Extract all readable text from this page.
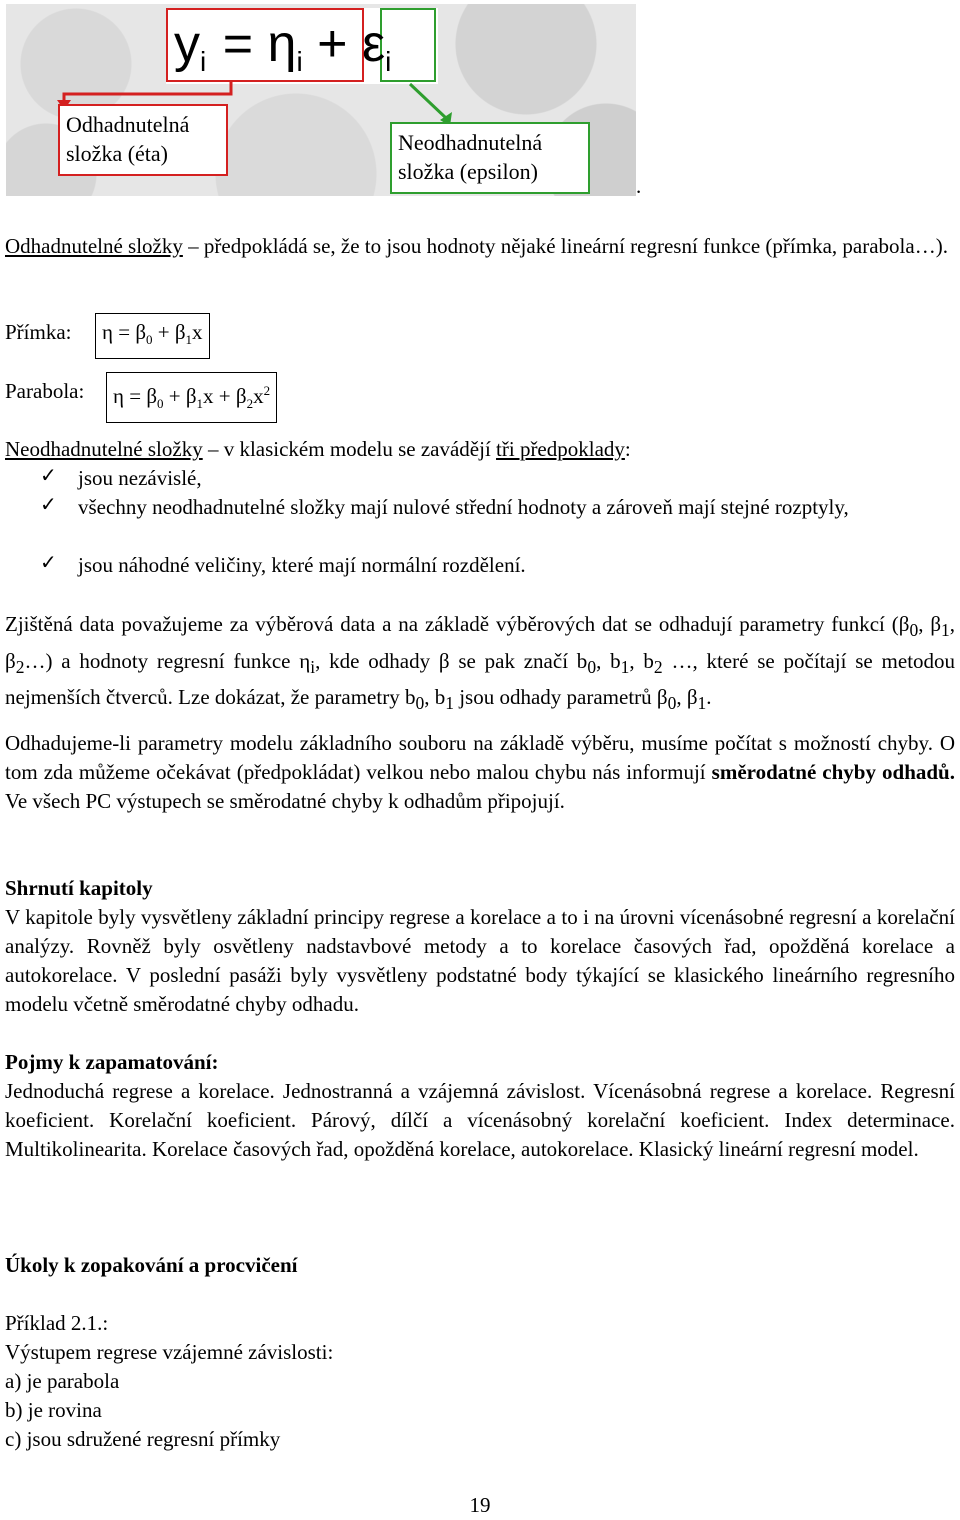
$y_i = \eta_i + \varepsilon_i$
Odhadnutelná
složka (éta)	Neodhadnutelná
složka (epsilon)
.
Odhadnutelné složky – předpokládá se, že to jsou hodnoty nějaké lineární regresní funkce (přímka, parabola…).
Přímka:	$\eta = \beta_0 + \beta_1x$
Parabola:	$\eta = \beta_0 + \beta_1x + \beta_2x^2$
Neodhadnutelné složky – v klasickém modelu se zavádějí tři předpoklady:
✓ jsou nezávislé,
✓ všechny neodhadnutelné složky mají nulové střední hodnoty a zároveň mají stejné rozptyly,
✓ jsou náhodné veličiny, které mají normální rozdělení.
Zjištěná data považujeme za výběrová data a na základě výběrových dat se odhadují parametry funkcí ($\beta_0$, $\beta_1$, $\beta_2\dots$) a hodnoty regresní funkce $\eta_i$, kde odhady β se pak značí $b_0$, $b_1$, $b_2$ …, které se počítají se metodou nejmenších čtverců. Lze dokázat, že parametry $b_0$, $b_1$ jsou odhady parametrů $\beta_0$, $\beta_1$.
Odhadujeme-li parametry modelu základního souboru na základě výběru, musíme počítat s možností chyby. O tom zda můžeme očekávat (předpokládat) velkou nebo malou chybu nás informují směrodatné chyby odhadů. Ve všech PC výstupech se směrodatné chyby k odhadům připojují.
Shrnutí kapitoly
V kapitole byly vysvětleny základní principy regrese a korelace a to i na úrovni vícenásobné regresní a korelační analýzy. Rovněž byly osvětleny nadstavbové metody a to korelace časových řad, opožděná korelace a autokorelace. V poslední pasáži byly vysvětleny podstatné body týkající se klasického lineárního regresního modelu včetně směrodatné chyby odhadu.
Pojmy k zapamatování:
Jednoduchá regrese a korelace. Jednostranná a vzájemná závislost. Vícenásobná regrese a korelace. Regresní koeficient. Korelační koeficient. Párový, dílčí a vícenásobný korelační koeficient. Index determinace. Multikolinearita. Korelace časových řad, opožděná korelace, autokorelace. Klasický lineární regresní model.
Úkoly k zopakování a procvičení
Příklad 2.1.:
Výstupem regrese vzájemné závislosti:
a) je parabola
b) je rovina
c) jsou sdružené regresní přímky
19
